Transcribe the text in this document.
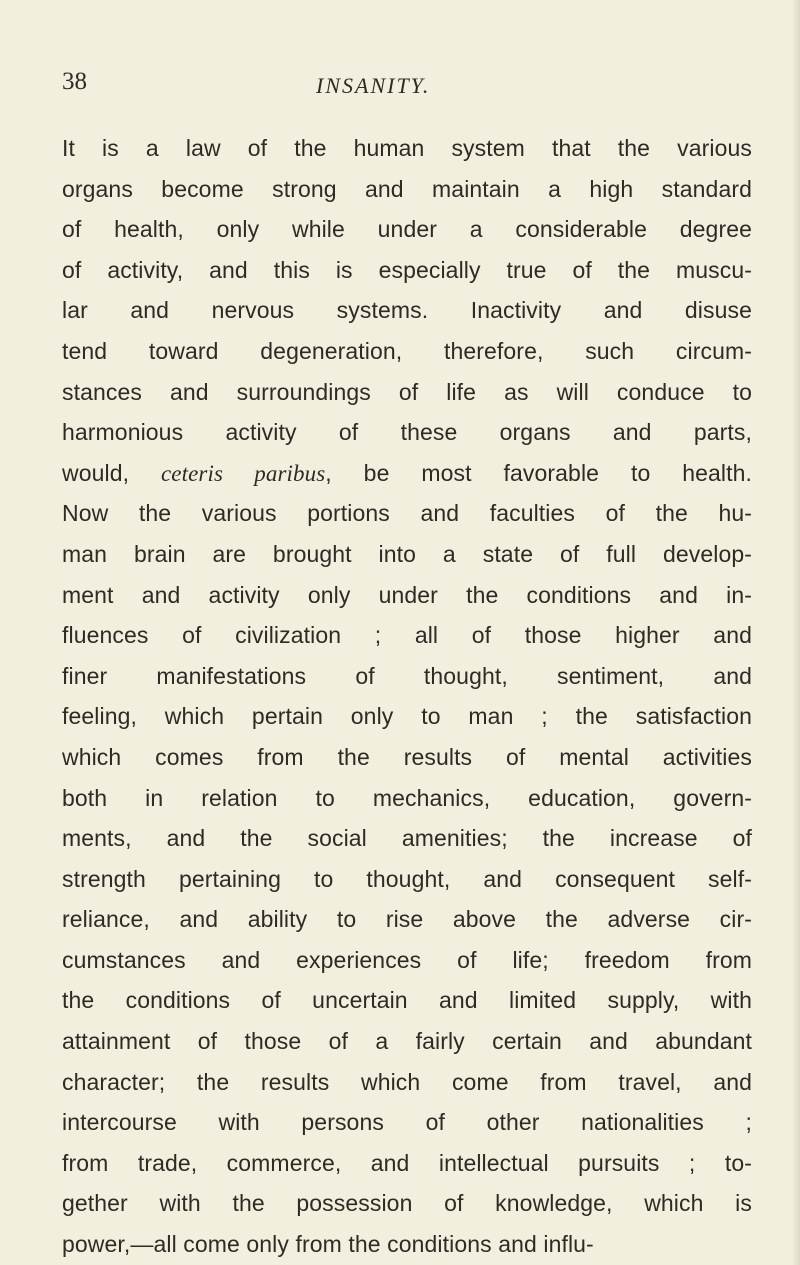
38	INSANITY.
It is a law of the human system that the various
organs become strong and maintain a high standard
of health, only while under a considerable degree
of activity, and this is especially true of the muscu-
lar and nervous systems. Inactivity and disuse
tend toward degeneration, therefore, such circum-
stances and surroundings of life as will conduce to
harmonious activity of these organs and parts,
would, ceteris paribus, be most favorable to health.
Now the various portions and faculties of the hu-
man brain are brought into a state of full develop-
ment and activity only under the conditions and in-
fluences of civilization ; all of those higher and
finer manifestations of thought, sentiment, and
feeling, which pertain only to man ; the satisfaction
which comes from the results of mental activities
both in relation to mechanics, education, govern-
ments, and the social amenities; the increase of
strength pertaining to thought, and consequent self-
reliance, and ability to rise above the adverse cir-
cumstances and experiences of life; freedom from
the conditions of uncertain and limited supply, with
attainment of those of a fairly certain and abundant
character; the results which come from travel, and
intercourse with persons of other nationalities ;
from trade, commerce, and intellectual pursuits ; to-
gether with the possession of knowledge, which is
power,—all come only from the conditions and influ-
